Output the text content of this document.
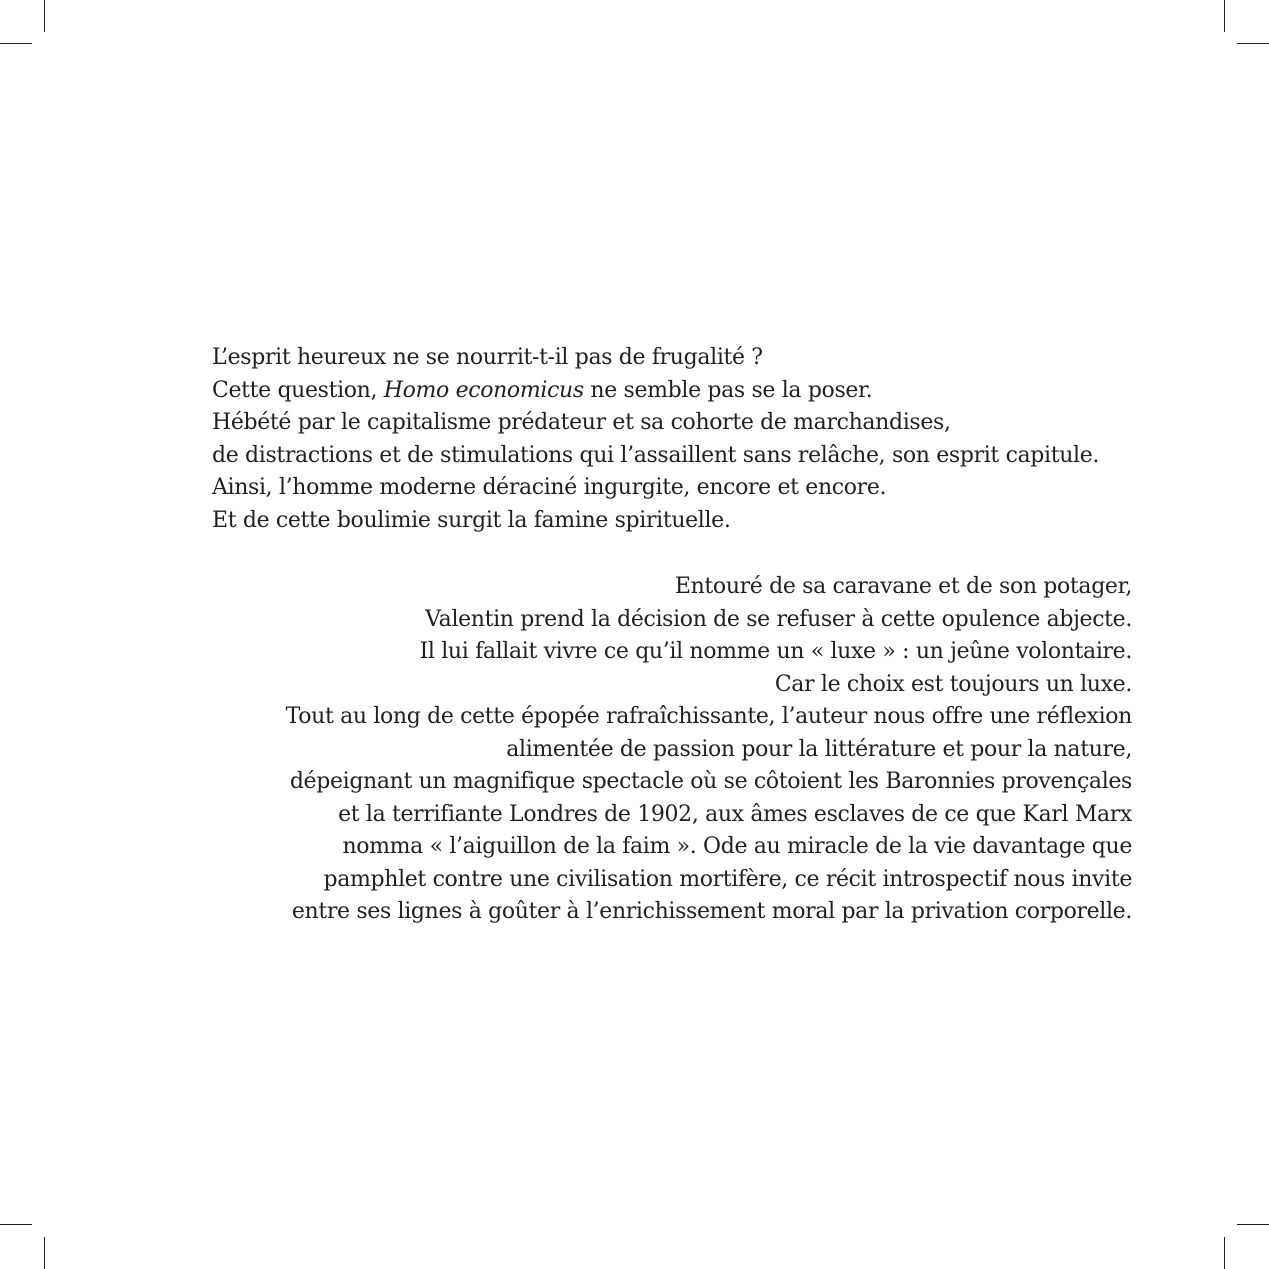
L’esprit heureux ne se nourrit-t-il pas de frugalité ?
Cette question, Homo economicus ne semble pas se la poser.
Hébété par le capitalisme prédateur et sa cohorte de marchandises,
de distractions et de stimulations qui l’assaillent sans relâche, son esprit capitule.
Ainsi, l’homme moderne déraciné ingurgite, encore et encore.
Et de cette boulimie surgit la famine spirituelle.
Entouré de sa caravane et de son potager,
Valentin prend la décision de se refuser à cette opulence abjecte.
Il lui fallait vivre ce qu’il nomme un « luxe » : un jeûne volontaire.
Car le choix est toujours un luxe.
Tout au long de cette épopée rafraîchissante, l’auteur nous offre une réflexion
alimentée de passion pour la littérature et pour la nature,
dépeignant un magnifique spectacle où se côtoient les Baronnies provençales
et la terrifiante Londres de 1902, aux âmes esclaves de ce que Karl Marx
nomma « l’aiguillon de la faim ». Ode au miracle de la vie davantage que
pamphlet contre une civilisation mortifère, ce récit introspectif nous invite
entre ses lignes à goûter à l’enrichissement moral par la privation corporelle.
